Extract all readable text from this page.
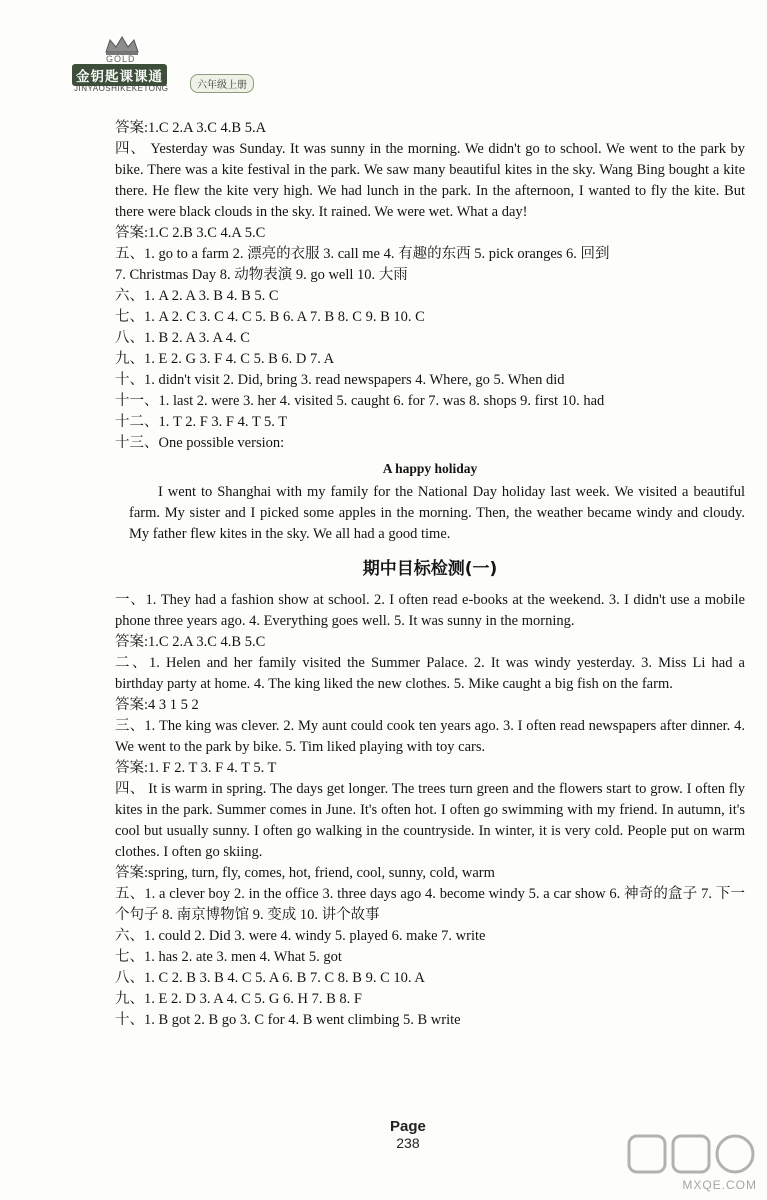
GOLD
金钥匙课课通
JINYAOSHIKEKETONG	六年级上册
答案:1.C 2.A 3.C 4.B 5.A
四、 Yesterday was Sunday. It was sunny in the morning. We didn't go to school. We went to the park by bike. There was a kite festival in the park. We saw many beautiful kites in the sky. Wang Bing bought a kite there. He flew the kite very high. We had lunch in the park. In the afternoon, I wanted to fly the kite. But there were black clouds in the sky. It rained. We were wet. What a day!
答案:1.C 2.B 3.C 4.A 5.C
五、1. go to a farm 2. 漂亮的衣服 3. call me 4. 有趣的东西 5. pick oranges 6. 回到
7. Christmas Day 8. 动物表演 9. go well 10. 大雨
六、1. A 2. A 3. B 4. B 5. C
七、1. A 2. C 3. C 4. C 5. B 6. A 7. B 8. C 9. B 10. C
八、1. B 2. A 3. A 4. C
九、1. E 2. G 3. F 4. C 5. B 6. D 7. A
十、1. didn't visit 2. Did, bring 3. read newspapers 4. Where, go 5. When did
十一、1. last 2. were 3. her 4. visited 5. caught 6. for 7. was 8. shops 9. first 10. had
十二、1. T 2. F 3. F 4. T 5. T
十三、One possible version:
A happy holiday
I went to Shanghai with my family for the National Day holiday last week. We visited a beautiful farm. My sister and I picked some apples in the morning. Then, the weather became windy and cloudy. My father flew kites in the sky. We all had a good time.
期中目标检测(一)
一、1. They had a fashion show at school. 2. I often read e-books at the weekend. 3. I didn't use a mobile phone three years ago. 4. Everything goes well. 5. It was sunny in the morning.
答案:1.C 2.A 3.C 4.B 5.C
二、1. Helen and her family visited the Summer Palace. 2. It was windy yesterday. 3. Miss Li had a birthday party at home. 4. The king liked the new clothes. 5. Mike caught a big fish on the farm.
答案:4 3 1 5 2
三、1. The king was clever. 2. My aunt could cook ten years ago. 3. I often read newspapers after dinner. 4. We went to the park by bike. 5. Tim liked playing with toy cars.
答案:1. F 2. T 3. F 4. T 5. T
四、 It is warm in spring. The days get longer. The trees turn green and the flowers start to grow. I often fly kites in the park. Summer comes in June. It's often hot. I often go swimming with my friend. In autumn, it's cool but usually sunny. I often go walking in the countryside. In winter, it is very cold. People put on warm clothes. I often go skiing.
答案:spring, turn, fly, comes, hot, friend, cool, sunny, cold, warm
五、1. a clever boy 2. in the office 3. three days ago 4. become windy 5. a car show 6. 神奇的盒子 7. 下一个句子 8. 南京博物馆 9. 变成 10. 讲个故事
六、1. could 2. Did 3. were 4. windy 5. played 6. make 7. write
七、1. has 2. ate 3. men 4. What 5. got
八、1. C 2. B 3. B 4. C 5. A 6. B 7. C 8. B 9. C 10. A
九、1. E 2. D 3. A 4. C 5. G 6. H 7. B 8. F
十、1. B got 2. B go 3. C for 4. B went climbing 5. B write
Page
238
MXQE.COM
